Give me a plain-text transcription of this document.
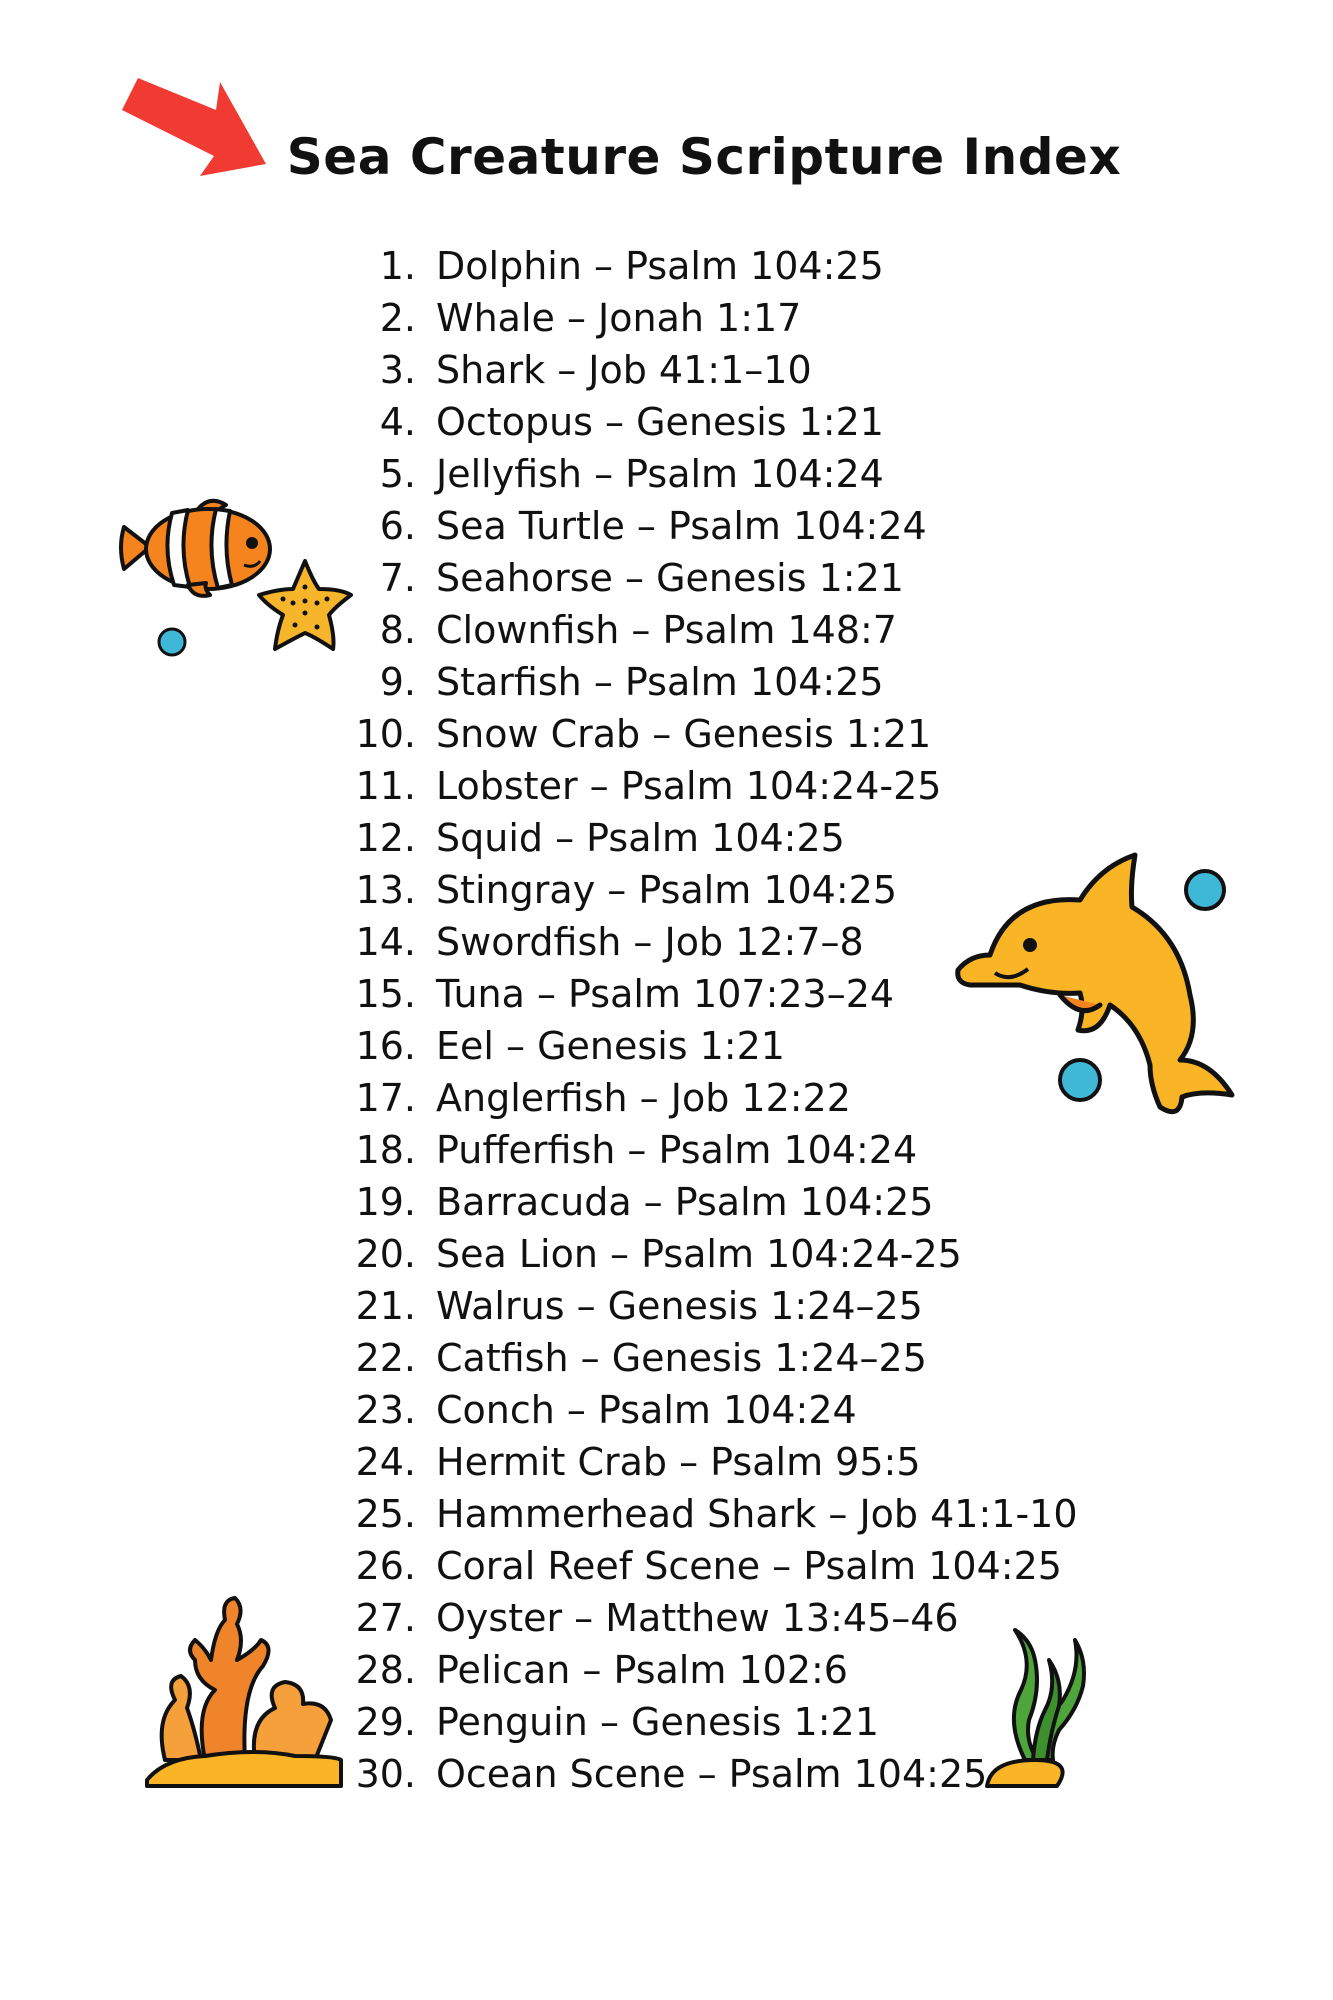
Sea Creature Scripture Index
1. Dolphin – Psalm 104:25
2. Whale – Jonah 1:17
3. Shark – Job 41:1–10
4. Octopus – Genesis 1:21
5. Jellyfish – Psalm 104:24
6. Sea Turtle – Psalm 104:24
7. Seahorse – Genesis 1:21
8. Clownfish – Psalm 148:7
9. Starfish – Psalm 104:25
10. Snow Crab – Genesis 1:21
11. Lobster – Psalm 104:24-25
12. Squid – Psalm 104:25
13. Stingray – Psalm 104:25
14. Swordfish – Job 12:7–8
15. Tuna – Psalm 107:23–24
16. Eel – Genesis 1:21
17. Anglerfish – Job 12:22
18. Pufferfish – Psalm 104:24
19. Barracuda – Psalm 104:25
20. Sea Lion – Psalm 104:24-25
21. Walrus – Genesis 1:24–25
22. Catfish – Genesis 1:24–25
23. Conch – Psalm 104:24
24. Hermit Crab – Psalm 95:5
25. Hammerhead Shark – Job 41:1-10
26. Coral Reef Scene – Psalm 104:25
27. Oyster – Matthew 13:45–46
28. Pelican – Psalm 102:6
29. Penguin – Genesis 1:21
30. Ocean Scene – Psalm 104:25
